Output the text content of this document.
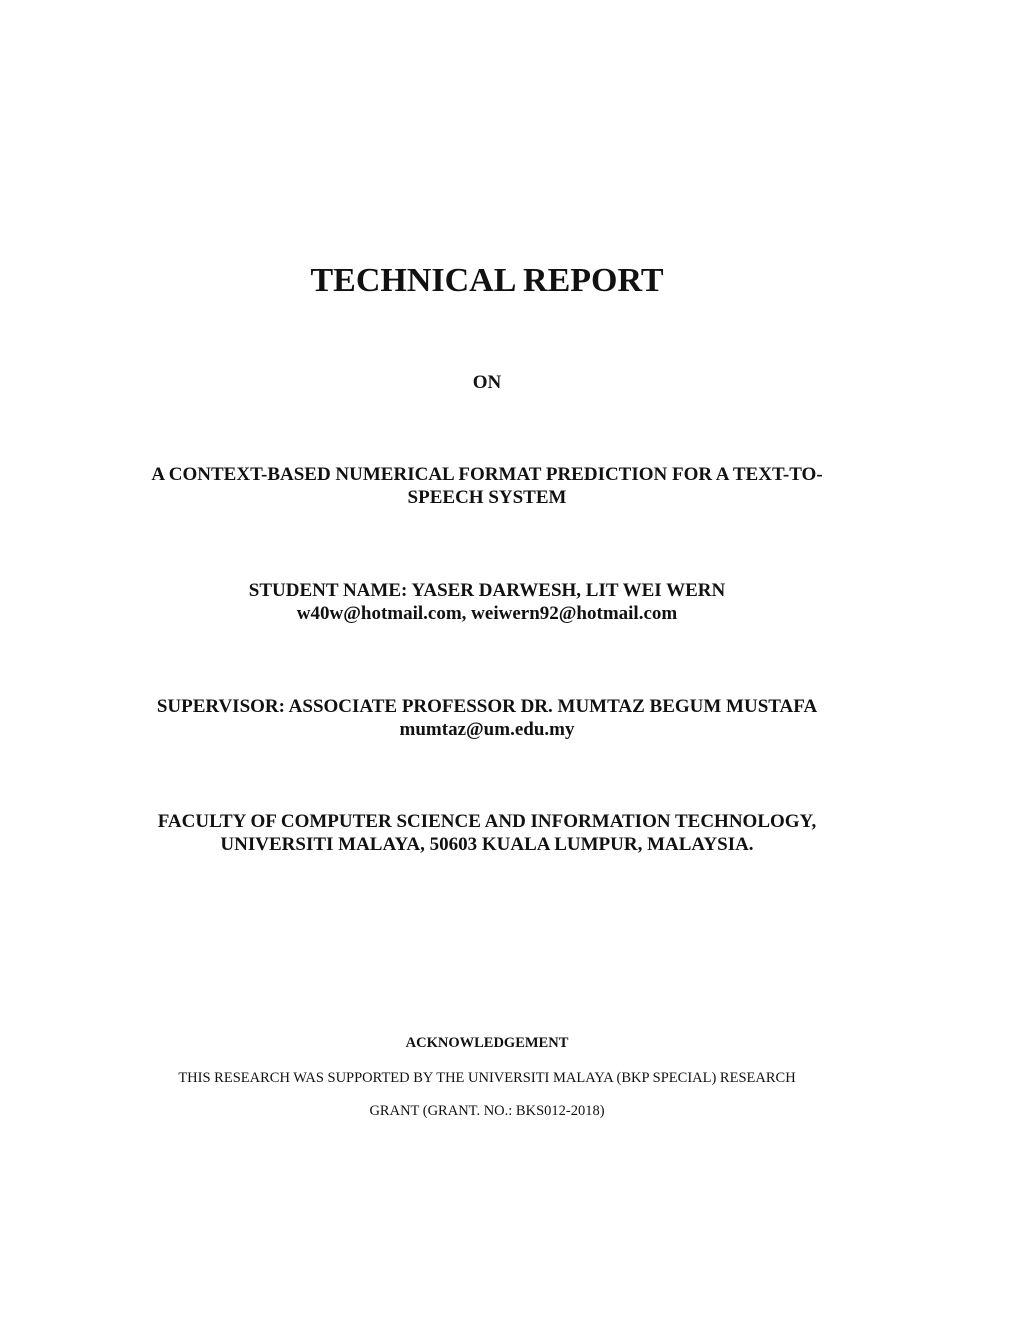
TECHNICAL REPORT
ON
A CONTEXT-BASED NUMERICAL FORMAT PREDICTION FOR A TEXT-TO-
SPEECH SYSTEM
STUDENT NAME: YASER DARWESH, LIT WEI WERN
w40w@hotmail.com, weiwern92@hotmail.com
SUPERVISOR: ASSOCIATE PROFESSOR DR. MUMTAZ BEGUM MUSTAFA
mumtaz@um.edu.my
FACULTY OF COMPUTER SCIENCE AND INFORMATION TECHNOLOGY,
UNIVERSITI MALAYA, 50603 KUALA LUMPUR, MALAYSIA.
ACKNOWLEDGEMENT
THIS RESEARCH WAS SUPPORTED BY THE UNIVERSITI MALAYA (BKP SPECIAL) RESEARCH
GRANT (GRANT. NO.: BKS012-2018)
